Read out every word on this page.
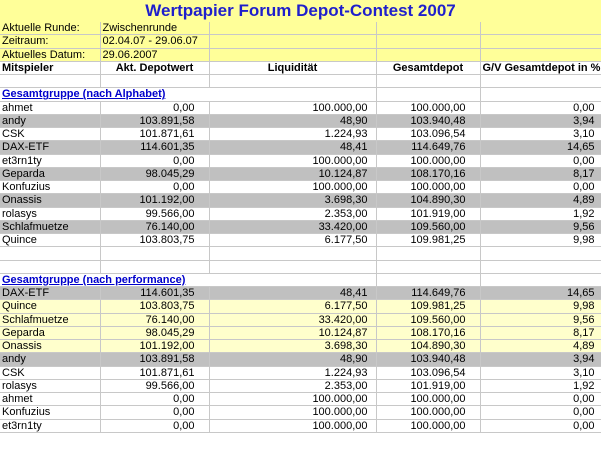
Wertpapier Forum Depot-Contest 2007
Aktuelle Runde:	Zwischenrunde			
Zeitraum:	02.04.07 - 29.06.07			
Aktuelles Datum:	29.06.2007			
Mitspieler	Akt. Depotwert	Liquidität	Gesamtdepot	G/V Gesamtdepot in %

Gesamtgruppe (nach Alphabet)				
ahmet	0,00	100.000,00	100.000,00	0,00
andy	103.891,58	48,90	103.940,48	3,94
CSK	101.871,61	1.224,93	103.096,54	3,10
DAX-ETF	114.601,35	48,41	114.649,76	14,65
et3rn1ty	0,00	100.000,00	100.000,00	0,00
Geparda	98.045,29	10.124,87	108.170,16	8,17
Konfuzius	0,00	100.000,00	100.000,00	0,00
Onassis	101.192,00	3.698,30	104.890,30	4,89
rolasys	99.566,00	2.353,00	101.919,00	1,92
Schlafmuetze	76.140,00	33.420,00	109.560,00	9,56
Quince	103.803,75	6.177,50	109.981,25	9,98

Gesamtgruppe (nach performance)				
DAX-ETF	114.601,35	48,41	114.649,76	14,65
Quince	103.803,75	6.177,50	109.981,25	9,98
Schlafmuetze	76.140,00	33.420,00	109.560,00	9,56
Geparda	98.045,29	10.124,87	108.170,16	8,17
Onassis	101.192,00	3.698,30	104.890,30	4,89
andy	103.891,58	48,90	103.940,48	3,94
CSK	101.871,61	1.224,93	103.096,54	3,10
rolasys	99.566,00	2.353,00	101.919,00	1,92
ahmet	0,00	100.000,00	100.000,00	0,00
Konfuzius	0,00	100.000,00	100.000,00	0,00
et3rn1ty	0,00	100.000,00	100.000,00	0,00
